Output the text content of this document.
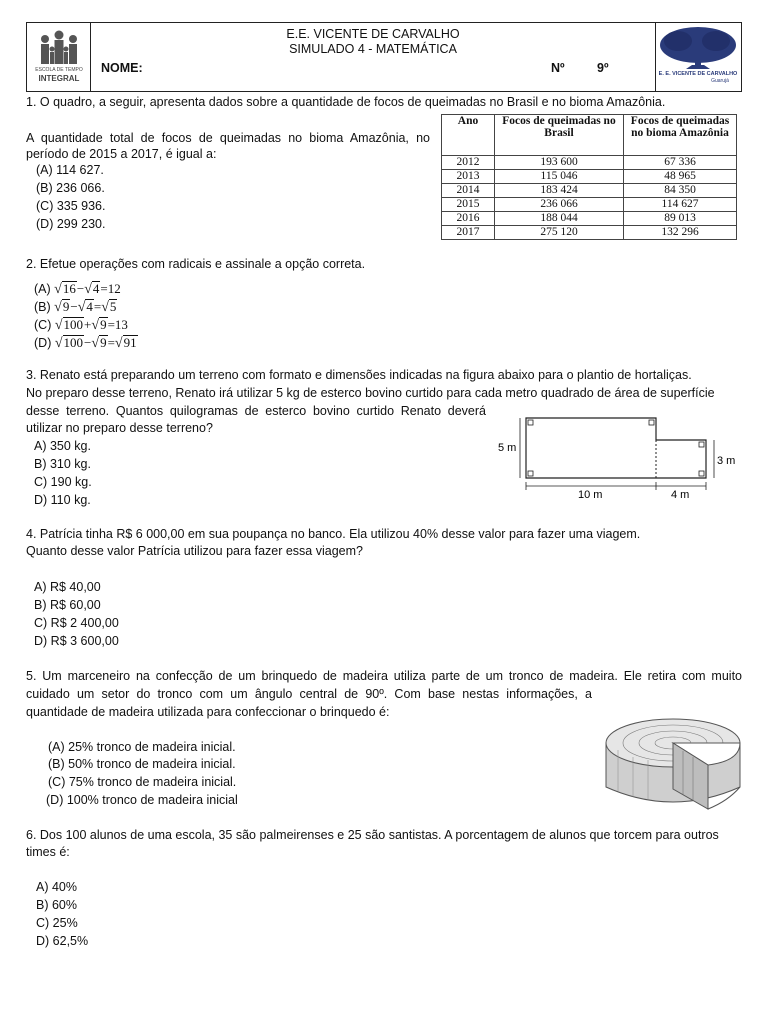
ESCOLA DE TEMPO
INTEGRAL
E.E. VICENTE DE CARVALHO
SIMULADO 4 - MATEMÁTICA
NOME:	Nº	9º	E. E. VICENTE DE CARVALHO
Guarujá
1. O quadro, a seguir, apresenta dados sobre a quantidade de focos de queimadas no Brasil e no bioma Amazônia.
A quantidade total de focos de queimadas no bioma Amazônia, no
período de 2015 a 2017, é igual a:
(A) 114 627.
(B) 236 066.
(C) 335 936.
(D) 299 230.
Ano	Focos de queimadas no Brasil	Focos de queimadas no bioma Amazônia
2012	193 600	67 336
2013	115 046	48 965
2014	183 424	84 350
2015	236 066	114 627
2016	188 044	89 013
2017	275 120	132 296
2. Efetue operações com radicais e assinale a opção correta.
(A) √16−√4=12
(B) √9−√4=√5
(C) √100+√9=13
(D) √100−√9=√91
3. Renato está preparando um terreno com formato e dimensões indicadas na figura abaixo para o plantio de hortaliças.
No preparo desse terreno, Renato irá utilizar 5 kg de esterco bovino curtido para cada metro quadrado de área de superfície
desse terreno. Quantos quilogramas de esterco bovino curtido Renato deverá
utilizar no preparo desse terreno?
A) 350 kg.
B) 310 kg.
C) 190 kg.
D) 110 kg.
5 m
3 m
10 m	4 m
4. Patrícia tinha R$ 6 000,00 em sua poupança no banco. Ela utilizou 40% desse valor para fazer uma viagem.
Quanto desse valor Patrícia utilizou para fazer essa viagem?
A) R$ 40,00
B) R$ 60,00
C) R$ 2 400,00
D) R$ 3 600,00
5. Um marceneiro na confecção de um brinquedo de madeira utiliza parte de um tronco de madeira. Ele retira com muito
cuidado um setor do tronco com um ângulo central de 90º. Com base nestas informações, a
quantidade de madeira utilizada para confeccionar o brinquedo é:
(A) 25% tronco de madeira inicial.
(B) 50% tronco de madeira inicial.
(C) 75% tronco de madeira inicial.
(D) 100% tronco de madeira inicial
6. Dos 100 alunos de uma escola, 35 são palmeirenses e 25 são santistas. A porcentagem de alunos que torcem para outros
times é:
A) 40%
B) 60%
C) 25%
D) 62,5%
